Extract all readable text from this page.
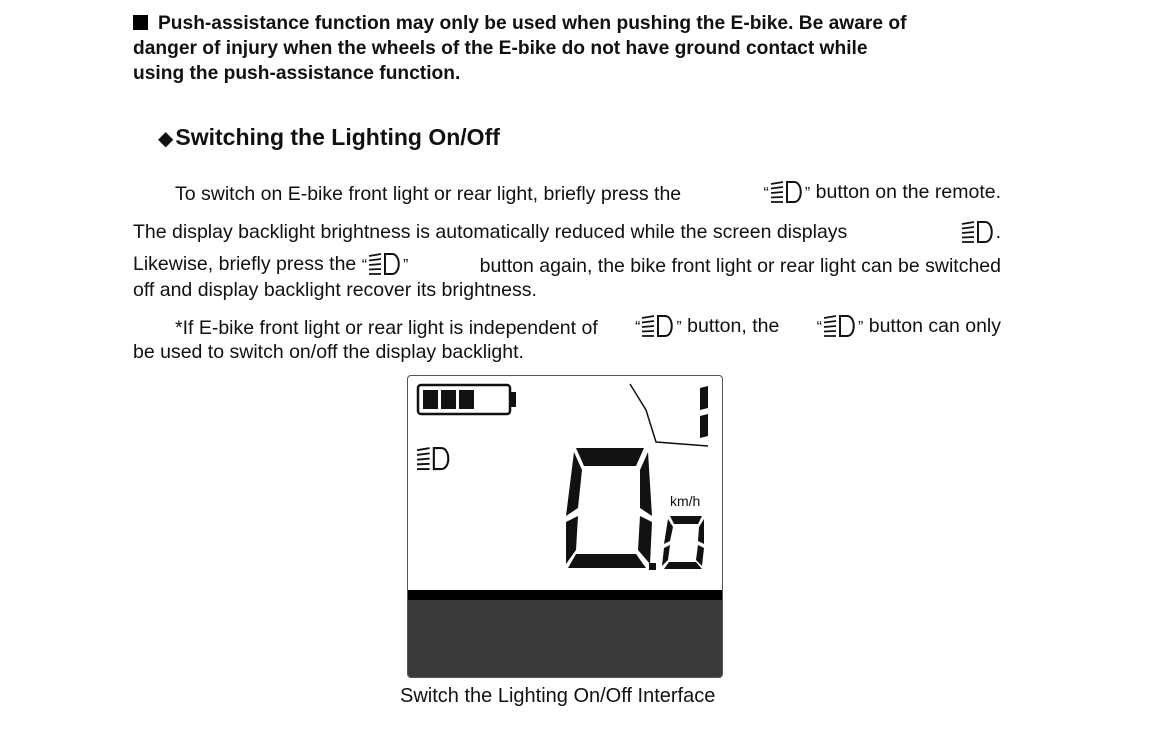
Push-assistance function may only be used when pushing the E-bike. Be aware of
danger of injury when the wheels of the E-bike do not have ground contact while
using the push-assistance function.
◆Switching the Lighting On/Off
To switch on E-bike front light or rear light, briefly press the	“ ” button on the remote.
The display backlight brightness is automatically reduced while the screen displays	.
Likewise, briefly press the “ ”	button again, the bike front light or rear light can be switched
off and display backlight recover its brightness.
*If E-bike front light or rear light is independent of “ ” button, the “ ” button can only
be used to switch on/off the display backlight.
km/h
Switch the Lighting On/Off Interface
